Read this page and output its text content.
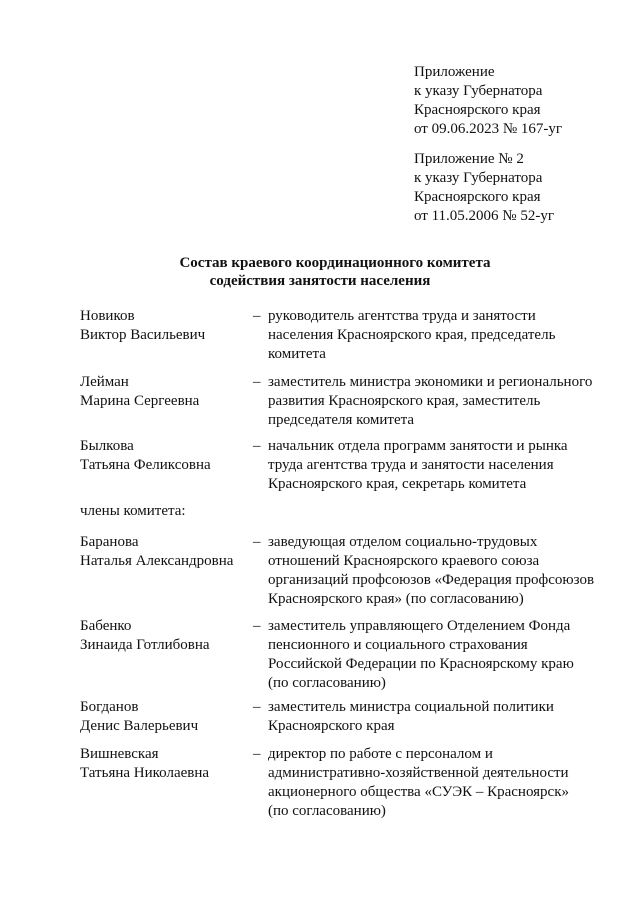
Приложение
к указу Губернатора
Красноярского края
от 09.06.2023 № 167-уг
Приложение № 2
к указу Губернатора
Красноярского края
от 11.05.2006 № 52-уг
Состав краевого координационного комитета
содействия занятости населения
Новиков
Виктор Васильевич
– руководитель агентства труда и занятости
населения Красноярского края, председатель
комитета
Лейман
Марина Сергеевна
– заместитель министра экономики и регионального
развития Красноярского края, заместитель
председателя комитета
Былкова
Татьяна Феликсовна
– начальник отдела программ занятости и рынка
труда агентства труда и занятости населения
Красноярского края, секретарь комитета
члены комитета:
Баранова
Наталья Александровна
– заведующая отделом социально-трудовых
отношений Красноярского краевого союза
организаций профсоюзов «Федерация профсоюзов
Красноярского края» (по согласованию)
Бабенко
Зинаида Готлибовна
– заместитель управляющего Отделением Фонда
пенсионного и социального страхования
Российской Федерации по Красноярскому краю
(по согласованию)
Богданов
Денис Валерьевич
– заместитель министра социальной политики
Красноярского края
Вишневская
Татьяна Николаевна
– директор по работе с персоналом и
административно-хозяйственной деятельности
акционерного общества «СУЭК – Красноярск»
(по согласованию)
